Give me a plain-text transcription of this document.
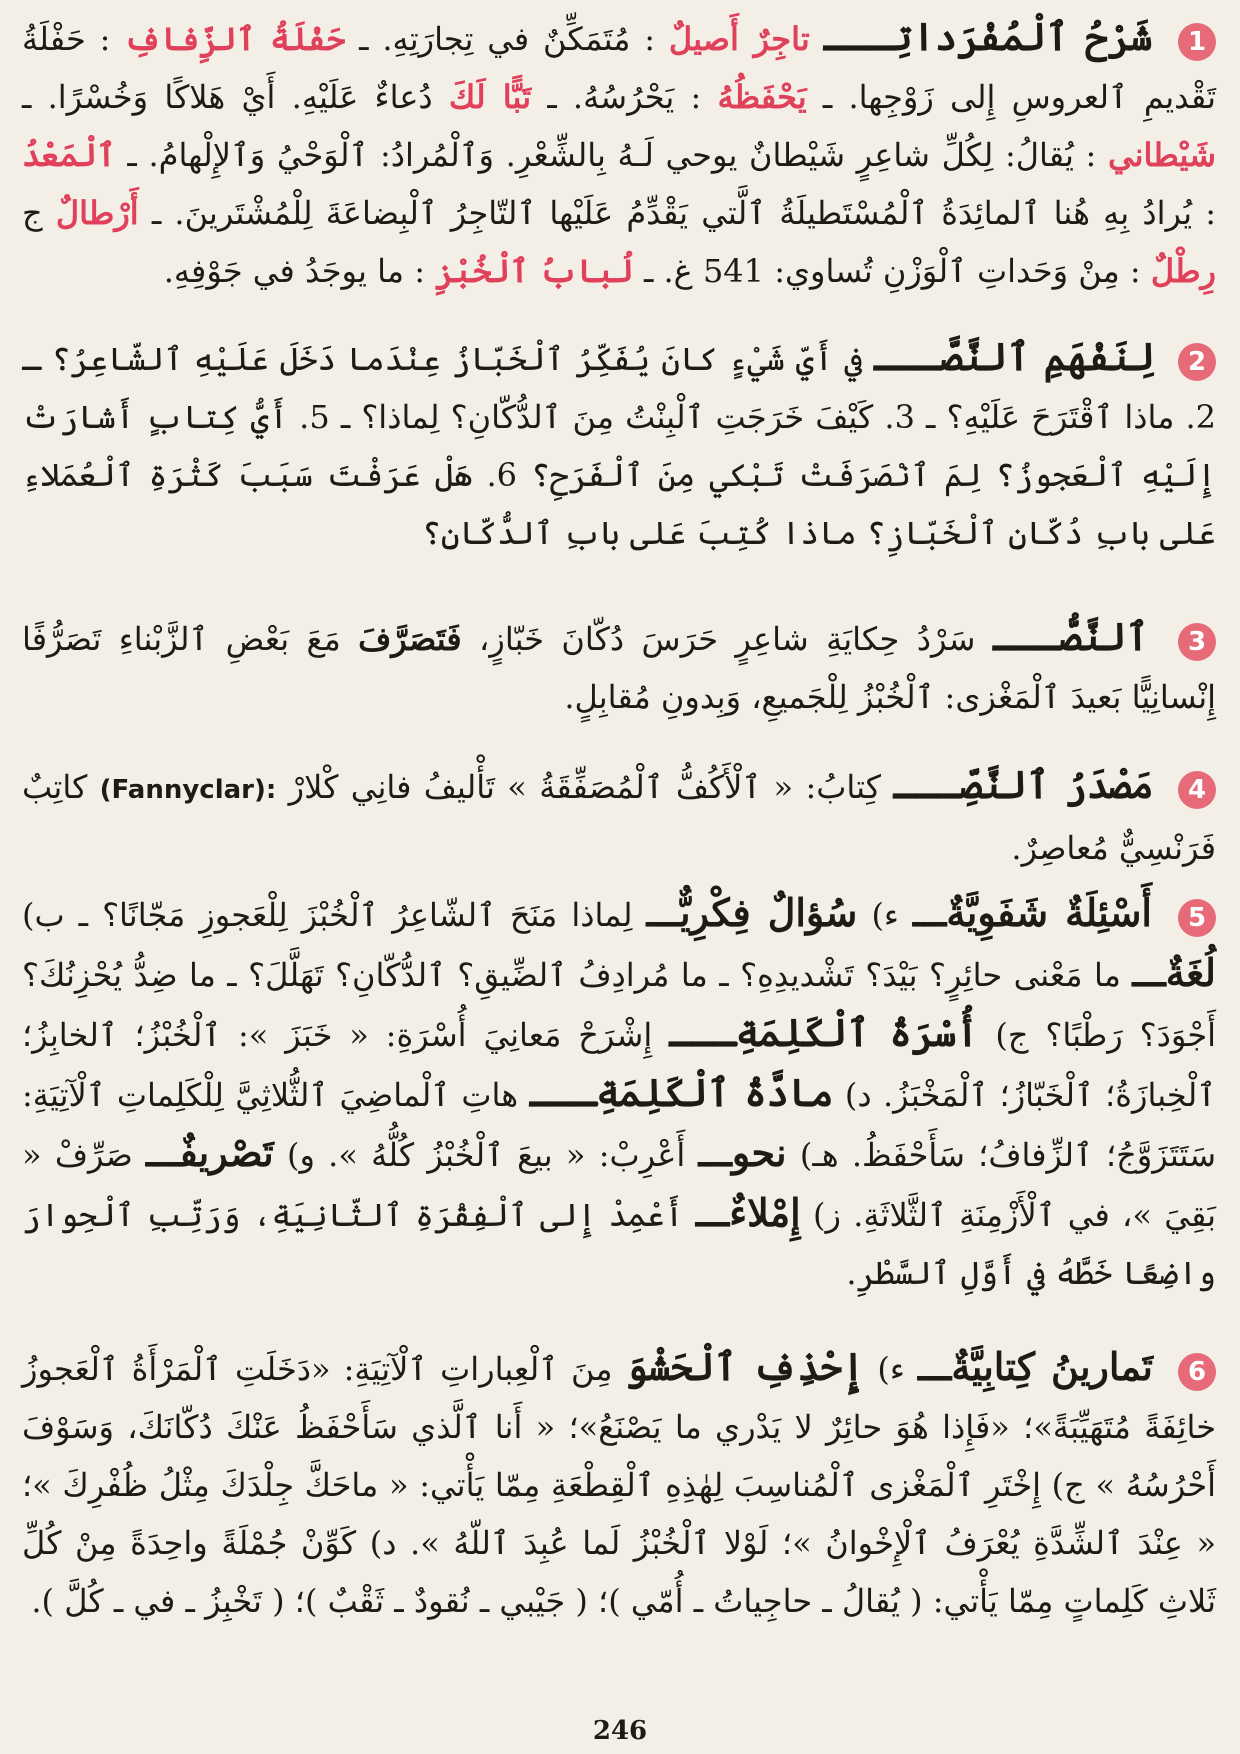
1 شَرْحُ ٱلْمُفْرَداتِـــ تاجِرٌ أَصيلٌ : مُتَمَكِّنٌ في تِجارَتِهِ. ـ حَفْلَةُ ٱلزِّفافِ : حَفْلَةُ تَقْديمِ ٱلعروسِ إِلى زَوْجِها. ـ يَحْفَظُهُ : يَحْرُسُهُ. ـ تَبًّا لَكَ دُعاءٌ عَلَيْهِ. أَيْ هَلاكًا وَخُسْرًا. ـ شَيْطاني : يُقالُ: لِكُلِّ شاعِرٍ شَيْطانٌ يوحي لَـهُ بِالشِّعْرِ. وَٱلْمُرادُ: ٱلْوَحْيُ وَٱلإِلْهامُ. ـ ٱلْمَعْدُ : يُرادُ بِهِ هُنا ٱلمائِدَةُ ٱلْمُسْتَطيلَةُ ٱلَّتي يَقْدِّمُ عَلَيْها ٱلتّاجِرُ ٱلْبِضاعَةَ لِلْمُشْتَرينَ. ـ أَرْطالٌ ج رِطْلٌ : مِنْ وَحَداتِ ٱلْوَزْنِ تُساوي: 541 غ. ـ لُبابُ ٱلْخُبْزِ : ما يوجَدُ في جَوْفِهِ.

2 لِنَفْهَمِ ٱلنَّصَّـــ في أَيِّ شَيْءٍ كانَ يُفَكِّرُ ٱلْخَبّازُ عِنْدَما دَخَلَ عَلَيْهِ ٱلشّاعِرُ؟ ـ 2. ماذا ٱقْتَرَحَ عَلَيْهِ؟ ـ 3. كَيْفَ خَرَجَتِ ٱلْبِنْتُ مِنَ ٱلدُّكّانِ؟ لِماذا؟ ـ 5. أَيُّ كِتابٍ أَشارَتْ إِلَيْهِ ٱلْعَجوزُ؟ لِمَ ٱنْصَرَفَتْ تَبْكي مِنَ ٱلْفَرَحِ؟ 6. هَلْ عَرَفْتَ سَبَبَ كَثْرَةِ ٱلْعُمَلاءِ عَلى بابِ دُكّانِ ٱلْخَبّازِ؟ ماذا كُتِبَ عَلى بابِ ٱلدُّكّانِ؟

3 ٱلنَّصُّـــ سَرْدُ حِكايَةِ شاعِرٍ حَرَسَ دُكّانَ خَبّازٍ، فَتَصَرَّفَ مَعَ بَعْضِ ٱلزَّبْناءِ تَصَرُّفًا إِنْسانِيًّا بَعيدَ ٱلْمَغْزى: ٱلْخُبْزُ لِلْجَميعِ، وَبِدونِ مُقابِلٍ.

4 مَصْدَرُ ٱلنَّصِّـــ كِتابُ: « ٱلْأَكُفُّ ٱلْمُصَفِّقَةُ » تَأْليفُ فانِي كْلارْ (Fannyclar): كاتِبٌ فَرَنْسِيٌّ مُعاصِرٌ.

5 أَسْئِلَةٌ شَفَوِيَّةٌـــ ء) سُؤالٌ فِكْرِيٌّـــ لِماذا مَنَحَ ٱلشّاعِرُ ٱلْخُبْزَ لِلْعَجوزِ مَجّانًا؟ ـ ب) لُغَةٌـــ ما مَعْنى حائِرٍ؟ بَيْدَ؟ تَشْديدِهِ؟ ـ ما مُرادِفُ ٱلضِّيقِ؟ ٱلدُّكّانِ؟ تَهَلَّلَ؟ ـ ما ضِدُّ يُحْزِنُكَ؟ أَجْوَدَ؟ رَطْبًا؟ ج) أُسْرَةُ ٱلْكَلِمَةِـــ إِشْرَحْ مَعانِيَ أُسْرَةِ: « خَبَزَ »: ٱلْخُبْزُ؛ ٱلخابِزُ؛ ٱلْخِبازَةُ؛ ٱلْخَبّازُ؛ ٱلْمَخْبَزُ. د) مادَّةُ ٱلْكَلِمَةِـــ هاتِ ٱلْماضِيَ ٱلثُّلاثِيَّ لِلْكَلِماتِ ٱلْآتِيَةِ: سَتَتَزَوَّجُ؛ ٱلزِّفافُ؛ سَأَحْفَظُ. هـ) نحوـــ أَعْرِبْ: « بيعَ ٱلْخُبْزُ كُلُّهُ ». و) تَصْريفٌـــ صَرِّفْ « بَقِيَ »، في ٱلْأَزْمِنَةِ ٱلثَّلاثَةِ. ز) إِمْلاءٌـــ أَعْمِدْ إِلى ٱلْفِقْرَةِ ٱلثّانِيَةِ، وَرَتِّبِ ٱلْحِوارَ واضِعًا خَطَّهُ في أَوَّلِ ٱلسَّطْرِ.

6 تَمارينُ كِتابِيَّةٌـــ ء) إِحْذِفِ ٱلْحَشْوَ مِنَ ٱلْعِباراتِ ٱلْآتِيَةِ: «دَخَلَتِ ٱلْمَرْأَةُ ٱلْعَجوزُ خائِفَةً مُتَهَيِّبَةً»؛ «فَإِذا هُوَ حائِرٌ لا يَدْري ما يَصْنَعُ»؛ « أَنا ٱلَّذي سَأَحْفَظُ عَنْكَ دُكّانَكَ، وَسَوْفَ أَحْرُسُهُ » ج) إِخْتَرِ ٱلْمَغْزى ٱلْمُناسِبَ لِهٰذِهِ ٱلْقِطْعَةِ مِمّا يَأْتي: « ماحَكَّ جِلْدَكَ مِثْلُ ظُفْرِكَ »؛ « عِنْدَ ٱلشِّدَّةِ يُعْرَفُ ٱلْإِخْوانُ »؛ لَوْلا ٱلْخُبْزُ لَما عُبِدَ ٱللّهُ ». د) كَوِّنْ جُمْلَةً واحِدَةً مِنْ كُلِّ ثَلاثِ كَلِماتٍ مِمّا يَأْتي: ( يُقالُ ـ حاجِياتُ ـ أُمّي )؛ ( جَيْبي ـ نُقودٌ ـ ثَقْبٌ )؛ ( تَخْبِزُ ـ في ـ كُلَّ ).

246
